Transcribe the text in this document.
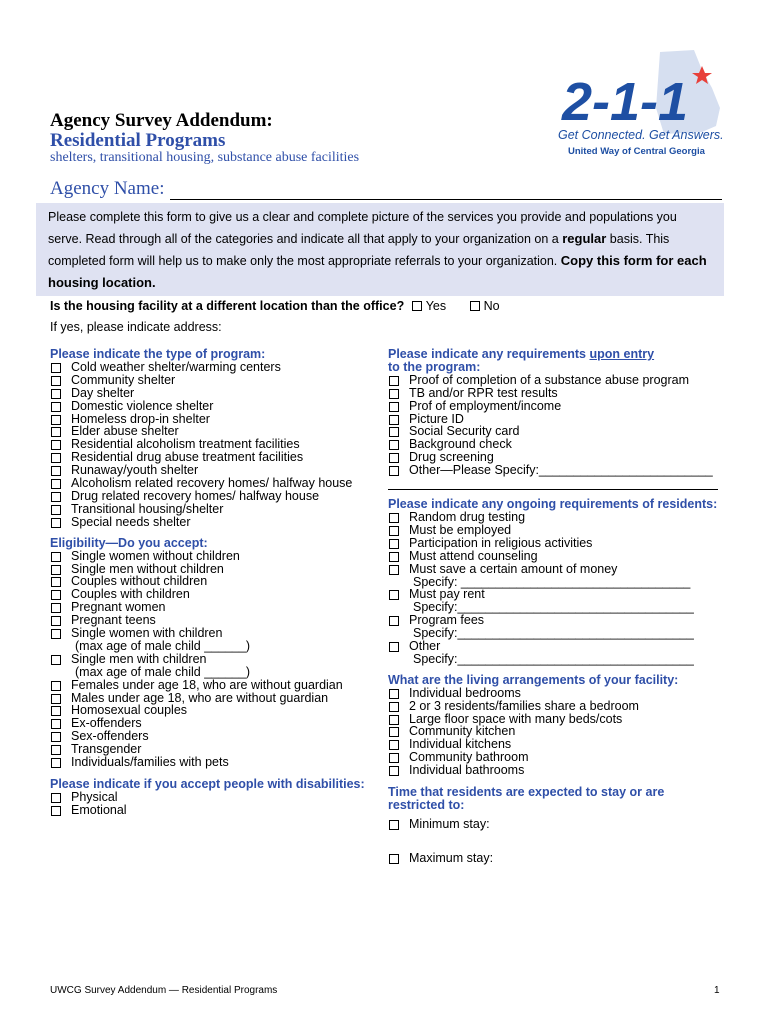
2-1-1
Get Connected. Get Answers.
United Way of Central Georgia
Agency Survey Addendum:
Residential Programs
shelters, transitional housing, substance abuse facilities
Agency Name:
Please complete this form to give us a clear and complete picture of the services you provide and populations you serve. Read through all of the categories and indicate all that apply to your organization on a regular basis. This completed form will help us to make only the most appropriate referrals to your organization. Copy this form for each housing location.
Is the housing facility at a different location than the office? Yes	No
If yes, please indicate address:
Please indicate the type of program:
Cold weather shelter/warming centers
Community shelter
Day shelter
Domestic violence shelter
Homeless drop-in shelter
Elder abuse shelter
Residential alcoholism treatment facilities
Residential drug abuse treatment facilities
Runaway/youth shelter
Alcoholism related recovery homes/ halfway house
Drug related recovery homes/ halfway house
Transitional housing/shelter
Special needs shelter
Eligibility—Do you accept:
Single women without children
Single men without children
Couples without children
Couples with children
Pregnant women
Pregnant teens
Single women with children
(max age of male child ______)
Single men with children
(max age of male child ______)
Females under age 18, who are without guardian
Males under age 18, who are without guardian
Homosexual couples
Ex-offenders
Sex-offenders
Transgender
Individuals/families with pets
Please indicate if you accept people with disabilities:
Physical
Emotional
Please indicate any requirements upon entry
to the program:
Proof of completion of a substance abuse program
TB and/or RPR test results
Prof of employment/income
Picture ID
Social Security card
Background check
Drug screening
Other—Please Specify:_________________________
Please indicate any ongoing requirements of residents:
Random drug testing
Must be employed
Participation in religious activities
Must attend counseling
Must save a certain amount of money
Specify: _________________________________
Must pay rent
Specify:__________________________________
Program fees
Specify:__________________________________
Other
Specify:__________________________________
What are the living arrangements of your facility:
Individual bedrooms
2 or 3 residents/families share a bedroom
Large floor space with many beds/cots
Community kitchen
Individual kitchens
Community bathroom
Individual bathrooms
Time that residents are expected to stay or are restricted to:
Minimum stay:
Maximum stay:
UWCG Survey Addendum — Residential Programs	1
